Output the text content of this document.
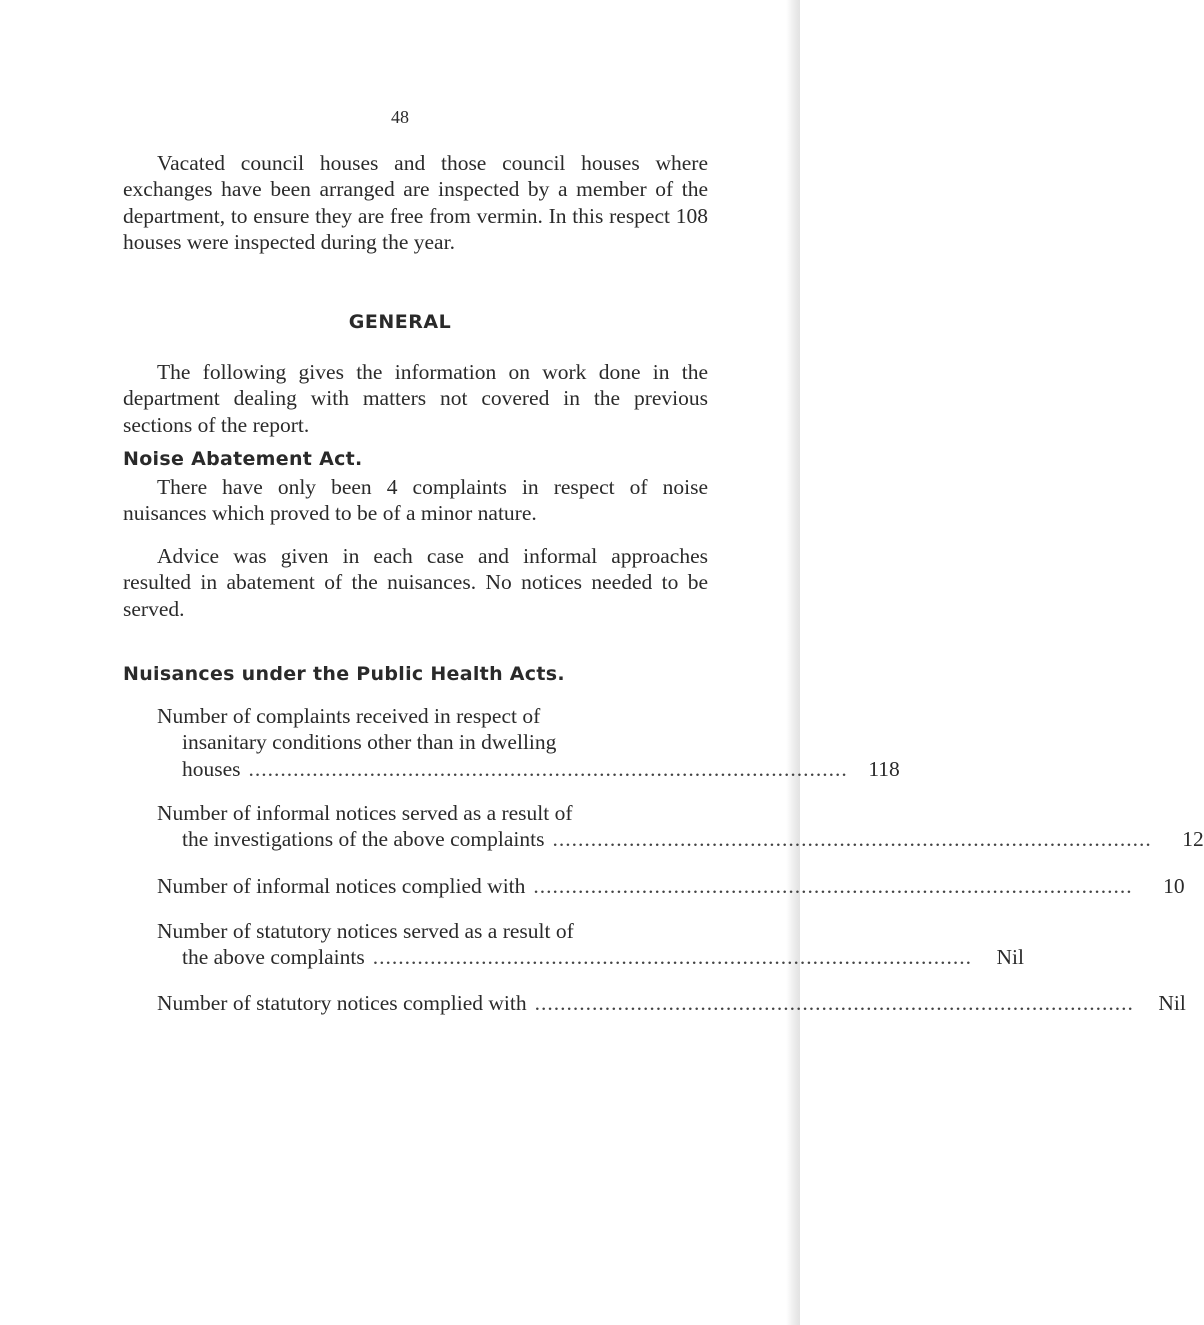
48
Vacated council houses and those council houses where exchanges have been arranged are inspected by a member of the department, to ensure they are free from vermin. In this respect 108 houses were inspected during the year.
GENERAL
The following gives the information on work done in the department dealing with matters not covered in the previous sections of the report.
Noise Abatement Act.
There have only been 4 complaints in respect of noise nuisances which proved to be of a minor nature.
Advice was given in each case and informal approaches resulted in abatement of the nuisances. No notices needed to be served.
Nuisances under the Public Health Acts.
Number of complaints received in respect of
insanitary conditions other than in dwelling
houses .............................................................................................. 118
Number of informal notices served as a result of
the investigations of the above complaints ..............................................................................................	12
Number of informal notices complied with ..............................................................................................	10
Number of statutory notices served as a result of
the above complaints ..............................................................................................	Nil
Number of statutory notices complied with ..............................................................................................	Nil
